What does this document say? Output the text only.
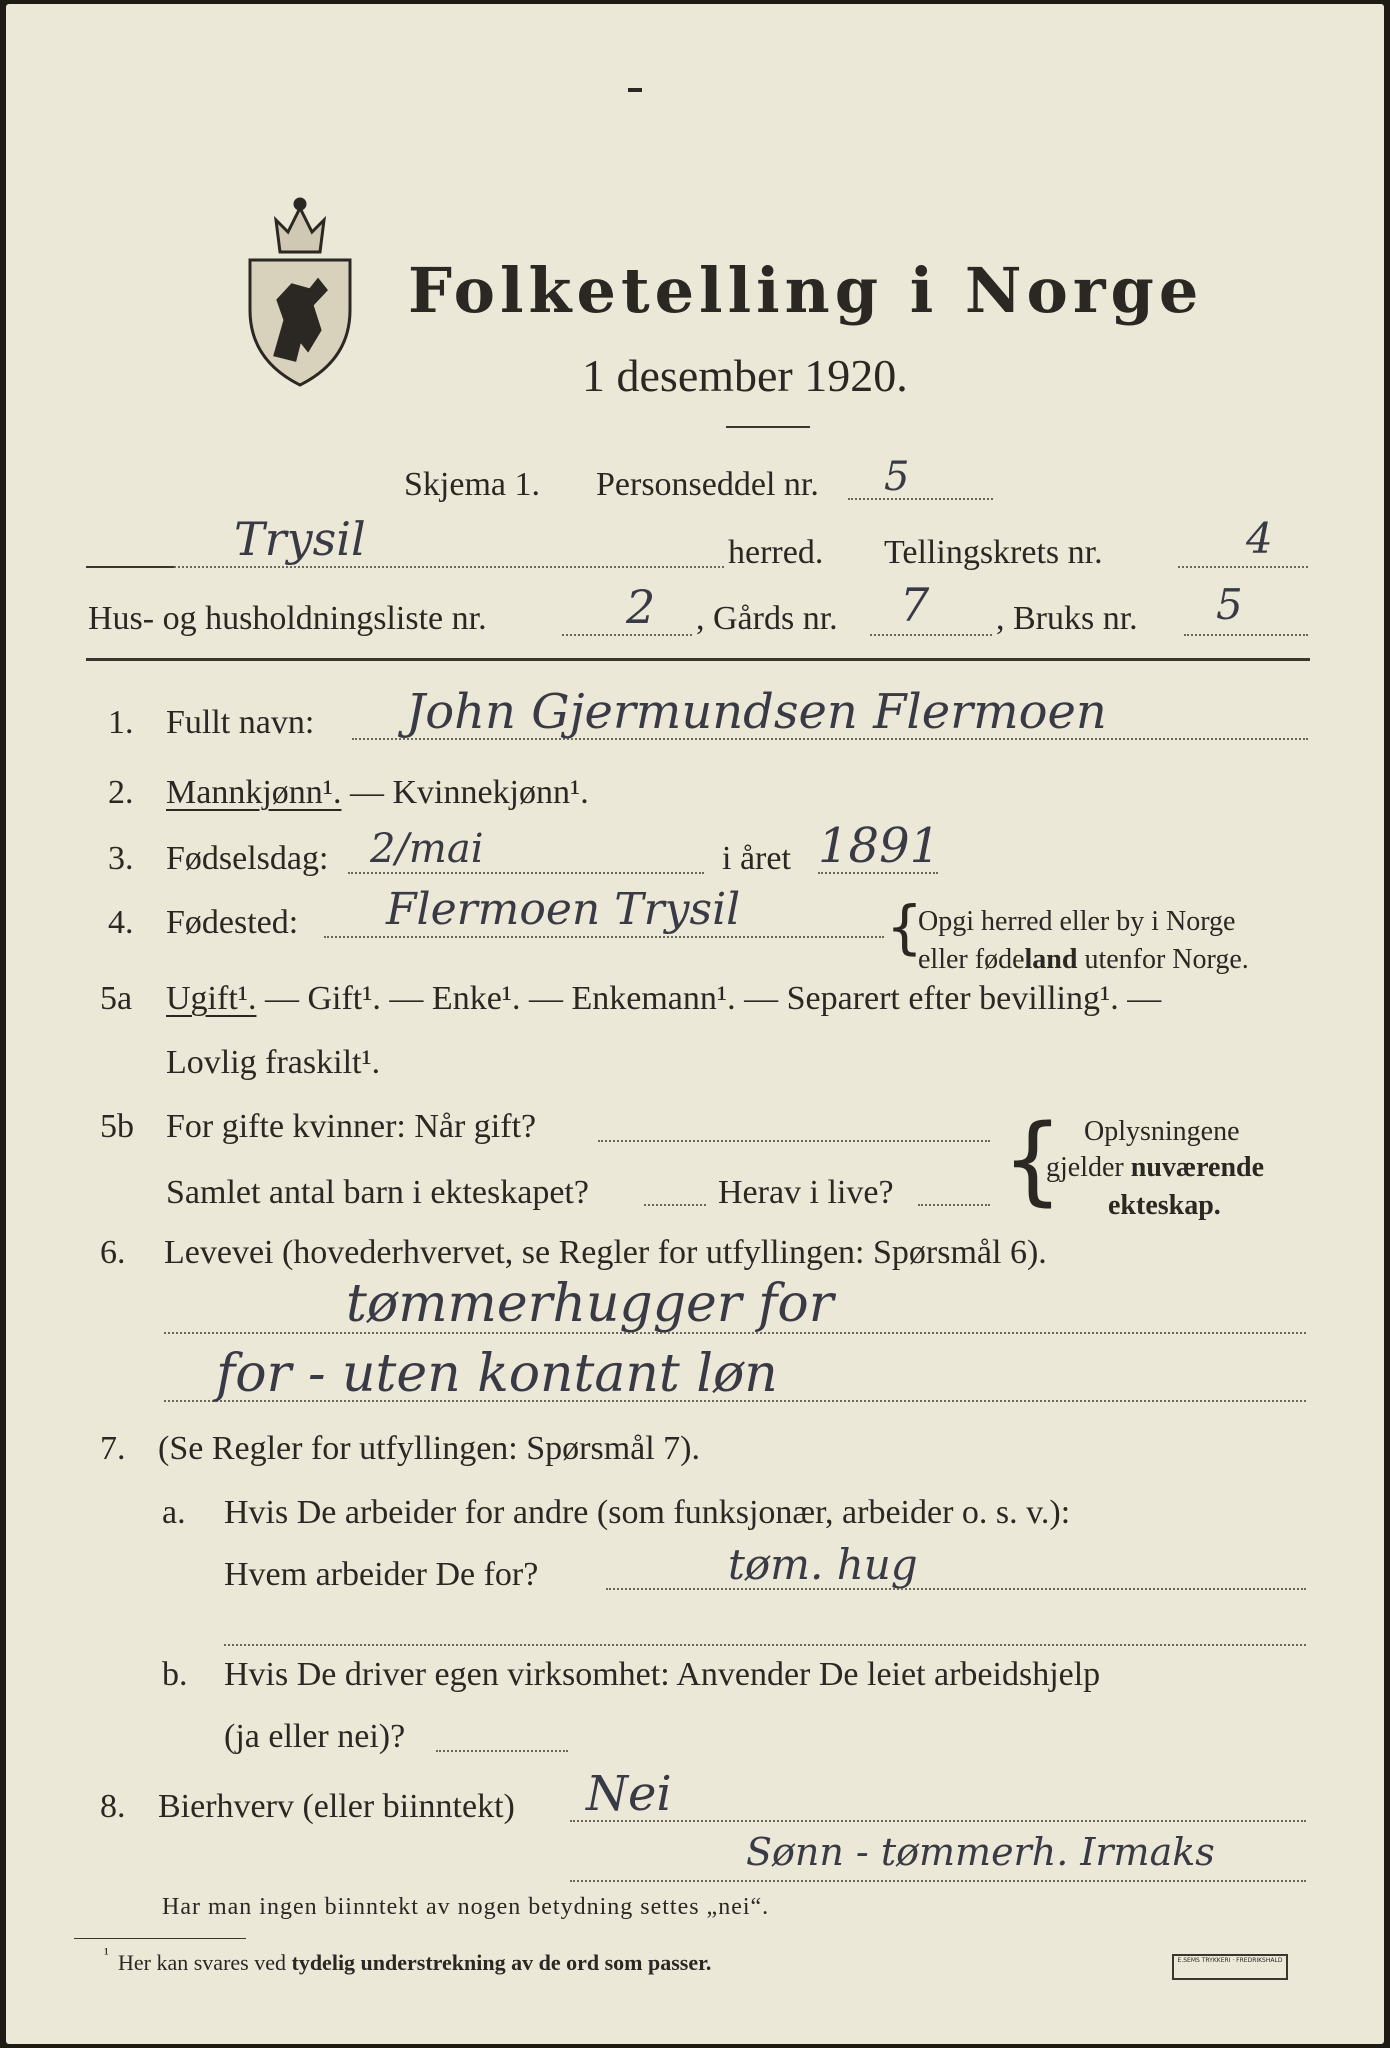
Folketelling i Norge
1 desember 1920.
Skjema 1. Personseddel nr. 5
Trysil	herred. Tellingskrets nr.	4
Hus- og husholdningsliste nr.	2 , Gårds nr. 7 , Bruks nr. 5
1. Fullt navn: John Gjermundsen Flermoen
2. Mannkjønn¹. — Kvinnekjønn¹.
3. Fødselsdag: 2/mai	i året 1891
4. Fødested: Flermoen Trysil	{
Opgi herred eller by i Norge
eller fødeland utenfor Norge.
5a Ugift¹. — Gift¹. — Enke¹. — Enkemann¹. — Separert efter bevilling¹. —
Lovlig fraskilt¹.
5b For gifte kvinner: Når gift?
Samlet antal barn i ekteskapet?	Herav i live? { Oplysningene
gjelder nuværende
ekteskap.
6. Levevei (hovederhvervet, se Regler for utfyllingen: Spørsmål 6).
tømmerhugger for
for - uten kontant løn
7. (Se Regler for utfyllingen: Spørsmål 7).
a. Hvis De arbeider for andre (som funksjonær, arbeider o. s. v.):
Hvem arbeider De for?	tøm. hug
b. Hvis De driver egen virksomhet: Anvender De leiet arbeidshjelp
(ja eller nei)?
8. Bierhverv (eller biinntekt) Nei
Sønn - tømmerh. Irmaks
Har man ingen biinntekt av nogen betydning settes „nei“.
¹ Her kan svares ved tydelig understrekning av de ord som passer.	E.SEMS TRYKKERI · FREDRIKSHALD
